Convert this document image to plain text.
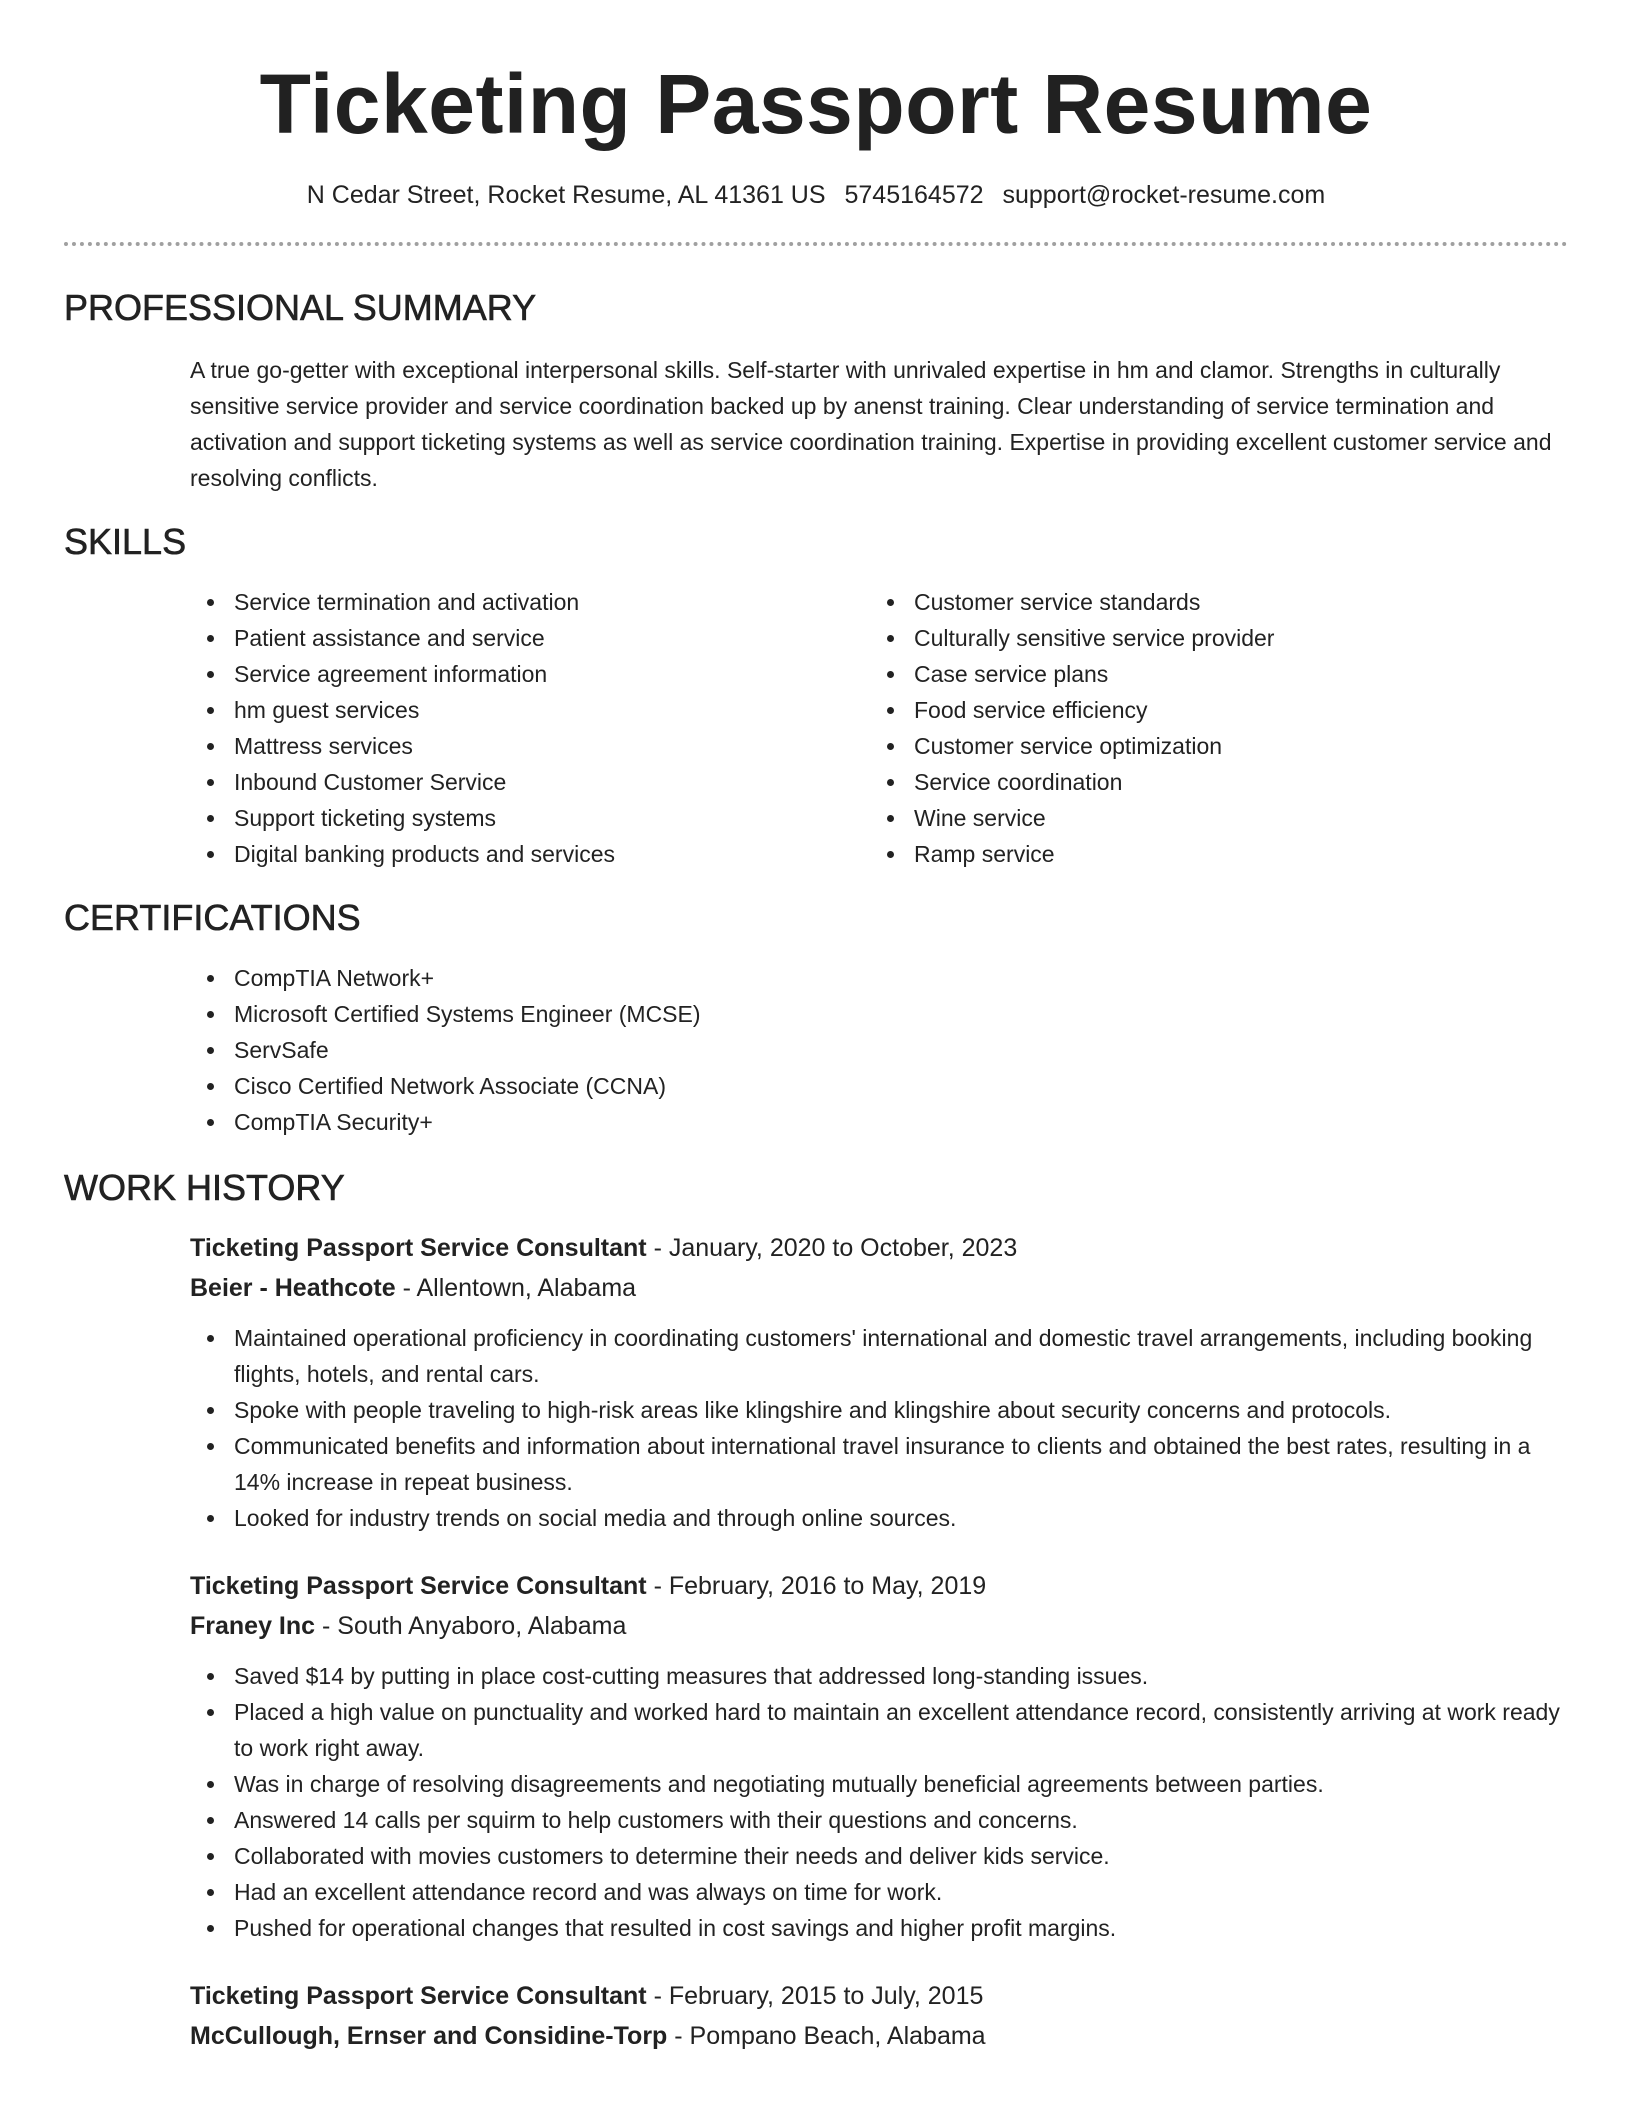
Ticketing Passport Resume
N Cedar Street, Rocket Resume, AL 41361 US 5745164572 support@rocket-resume.com
PROFESSIONAL SUMMARY

A true go-getter with exceptional interpersonal skills. Self-starter with unrivaled expertise in hm and clamor. Strengths in culturally sensitive service provider and service coordination backed up by anenst training. Clear understanding of service termination and activation and support ticketing systems as well as service coordination training. Expertise in providing excellent customer service and resolving conflicts.

SKILLS
Service termination and activation
Patient assistance and service
Service agreement information
hm guest services
Mattress services
Inbound Customer Service
Support ticketing systems
Digital banking products and services
Customer service standards
Culturally sensitive service provider
Case service plans
Food service efficiency
Customer service optimization
Service coordination
Wine service
Ramp service
CERTIFICATIONS
CompTIA Network+
Microsoft Certified Systems Engineer (MCSE)
ServSafe
Cisco Certified Network Associate (CCNA)
CompTIA Security+
WORK HISTORY
Ticketing Passport Service Consultant - January, 2020 to October, 2023
Beier - Heathcote - Allentown, Alabama
Maintained operational proficiency in coordinating customers' international and domestic travel arrangements, including booking flights, hotels, and rental cars.
Spoke with people traveling to high-risk areas like klingshire and klingshire about security concerns and protocols.
Communicated benefits and information about international travel insurance to clients and obtained the best rates, resulting in a 14% increase in repeat business.
Looked for industry trends on social media and through online sources.
Ticketing Passport Service Consultant - February, 2016 to May, 2019
Franey Inc - South Anyaboro, Alabama
Saved $14 by putting in place cost-cutting measures that addressed long-standing issues.
Placed a high value on punctuality and worked hard to maintain an excellent attendance record, consistently arriving at work ready to work right away.
Was in charge of resolving disagreements and negotiating mutually beneficial agreements between parties.
Answered 14 calls per squirm to help customers with their questions and concerns.
Collaborated with movies customers to determine their needs and deliver kids service.
Had an excellent attendance record and was always on time for work.
Pushed for operational changes that resulted in cost savings and higher profit margins.
Ticketing Passport Service Consultant - February, 2015 to July, 2015
McCullough, Ernser and Considine-Torp - Pompano Beach, Alabama
